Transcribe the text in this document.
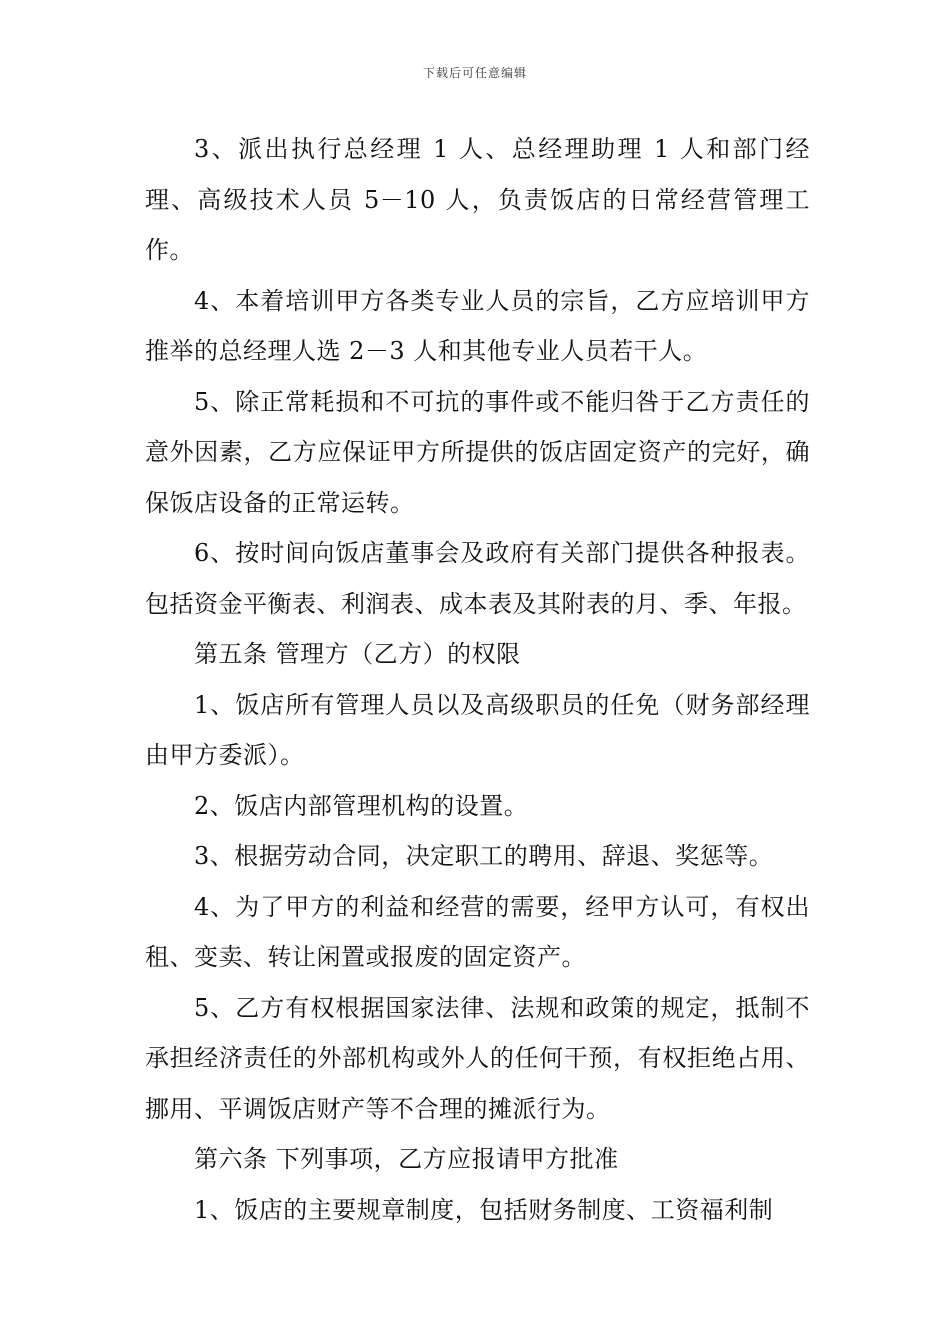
下载后可任意编辑

3、派出执行总经理 1 人、总经理助理 1 人和部门经理、高级技术人员 5－10 人，负责饭店的日常经营管理工作。

4、本着培训甲方各类专业人员的宗旨，乙方应培训甲方推举的总经理人选 2－3 人和其他专业人员若干人。

5、除正常耗损和不可抗的事件或不能归咎于乙方责任的意外因素，乙方应保证甲方所提供的饭店固定资产的完好，确保饭店设备的正常运转。

6、按时间向饭店董事会及政府有关部门提供各种报表。包括资金平衡表、利润表、成本表及其附表的月、季、年报。

第五条 管理方（乙方）的权限

1、饭店所有管理人员以及高级职员的任免（财务部经理由甲方委派）。

2、饭店内部管理机构的设置。

3、根据劳动合同，决定职工的聘用、辞退、奖惩等。

4、为了甲方的利益和经营的需要，经甲方认可，有权出租、变卖、转让闲置或报废的固定资产。

5、乙方有权根据国家法律、法规和政策的规定，抵制不承担经济责任的外部机构或外人的任何干预，有权拒绝占用、挪用、平调饭店财产等不合理的摊派行为。

第六条 下列事项，乙方应报请甲方批准

1、饭店的主要规章制度，包括财务制度、工资福利制
